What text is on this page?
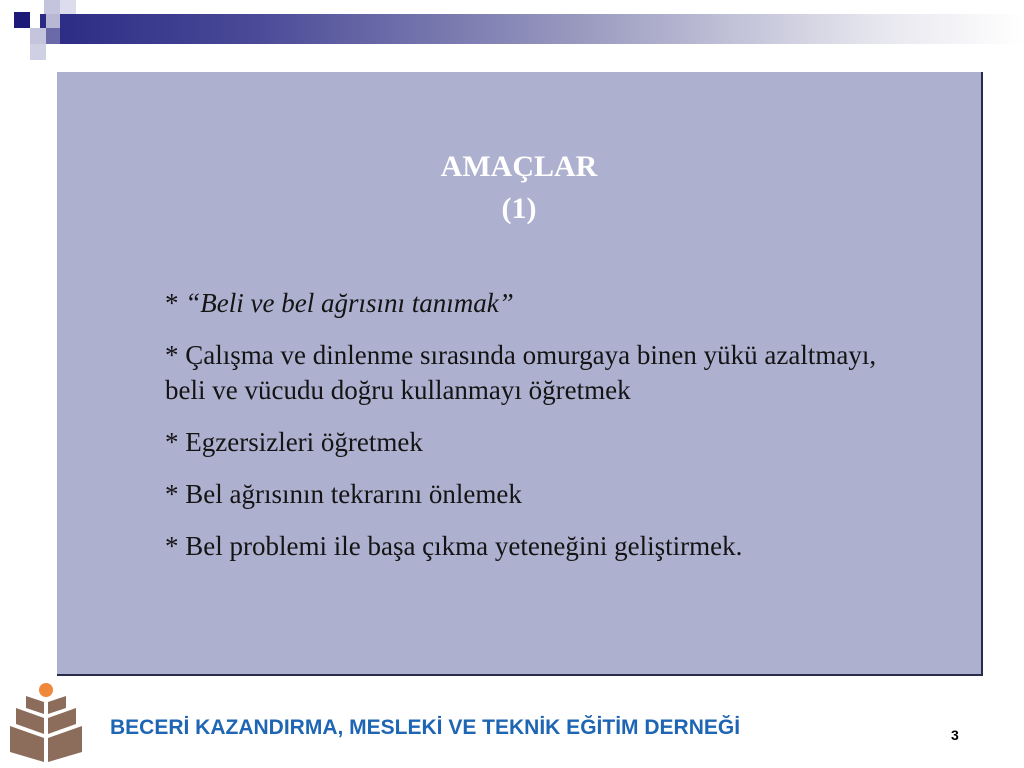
AMAÇLAR
(1)
* “Beli ve bel ağrısını tanımak”
* Çalışma ve dinlenme sırasında omurgaya binen yükü azaltmayı, beli ve vücudu doğru kullanmayı öğretmek
* Egzersizleri öğretmek
* Bel ağrısının tekrarını önlemek
* Bel problemi ile başa çıkma yeteneğini geliştirmek.
BECERİ KAZANDIRMA, MESLEKİ VE TEKNİK EĞİTİM DERNEĞİ	3
